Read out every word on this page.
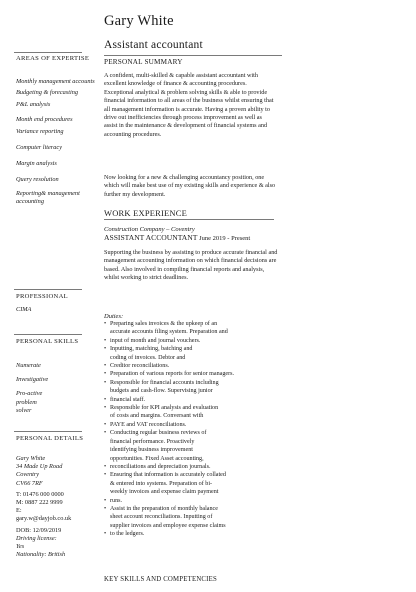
Gary White
Assistant accountant
AREAS OF EXPERTISE

Monthly management accounts

Budgeting & forecasting

P&L analysis

Month end procedures

Variance reporting

Computer literacy

Margin analysis

Query resolution

Reporting& management accounting

PROFESSIONAL

CIMA

PERSONAL SKILLS

Numerate

Investigative

Pro-active problem solver

PERSONAL DETAILS

Gary White

34 Made Up Road

Coventry

CV66 7RF

T: 01476 000 0000

M: 0887 222 9999

E:

gary.w@dayjob.co.uk

DOB: 12/09/2019

Driving license: Yes

Nationality: British

PERSONAL SUMMARY

A confident, multi-skilled & capable assistant accountant with excellent knowledge of finance & accounting procedures. Exceptional analytical & problem solving skills & able to provide financial information to all areas of the business whilst ensuring that all management information is accurate. Having a proven ability to drive out inefficiencies through process improvement as well as assist in the maintenance & development of financial systems and accounting procedures.

Now looking for a new & challenging accountancy position, one which will make best use of my existing skills and experience & also further my development.

WORK EXPERIENCE
Construction Company – Coventry
ASSISTANT ACCOUNTANT June 2019 - Present

Supporting the business by assisting to produce accurate financial and management accounting information on which financial decisions are based. Also involved in compiling financial reports and analysis, whilst working to strict deadlines.

Duties:
• Preparing sales invoices & the upkeep of an
accurate accounts filing system. Preparation and
• input of month and journal vouchers.
• Inputting, matching, batching and
coding of invoices. Debtor and
• Creditor reconciliations.
• Preparation of various reports for senior managers.
• Responsible for financial accounts including
budgets and cash-flow. Supervising junior
• financial staff.
• Responsible for KPI analysis and evaluation
of costs and margins. Conversant with
• PAYE and VAT reconciliations.
• Conducting regular business reviews of
financial performance. Proactively
identifying business improvement
opportunities. Fixed Asset accounting,
• reconciliations and depreciation journals.
• Ensuring that information is accurately collated
& entered into systems. Preparation of bi-
weekly invoices and expense claim payment
• runs.
• Assist in the preparation of monthly balance
sheet account reconciliations. Inputting of
supplier invoices and employee expense claims
• to the ledgers.
KEY SKILLS AND COMPETENCIES
